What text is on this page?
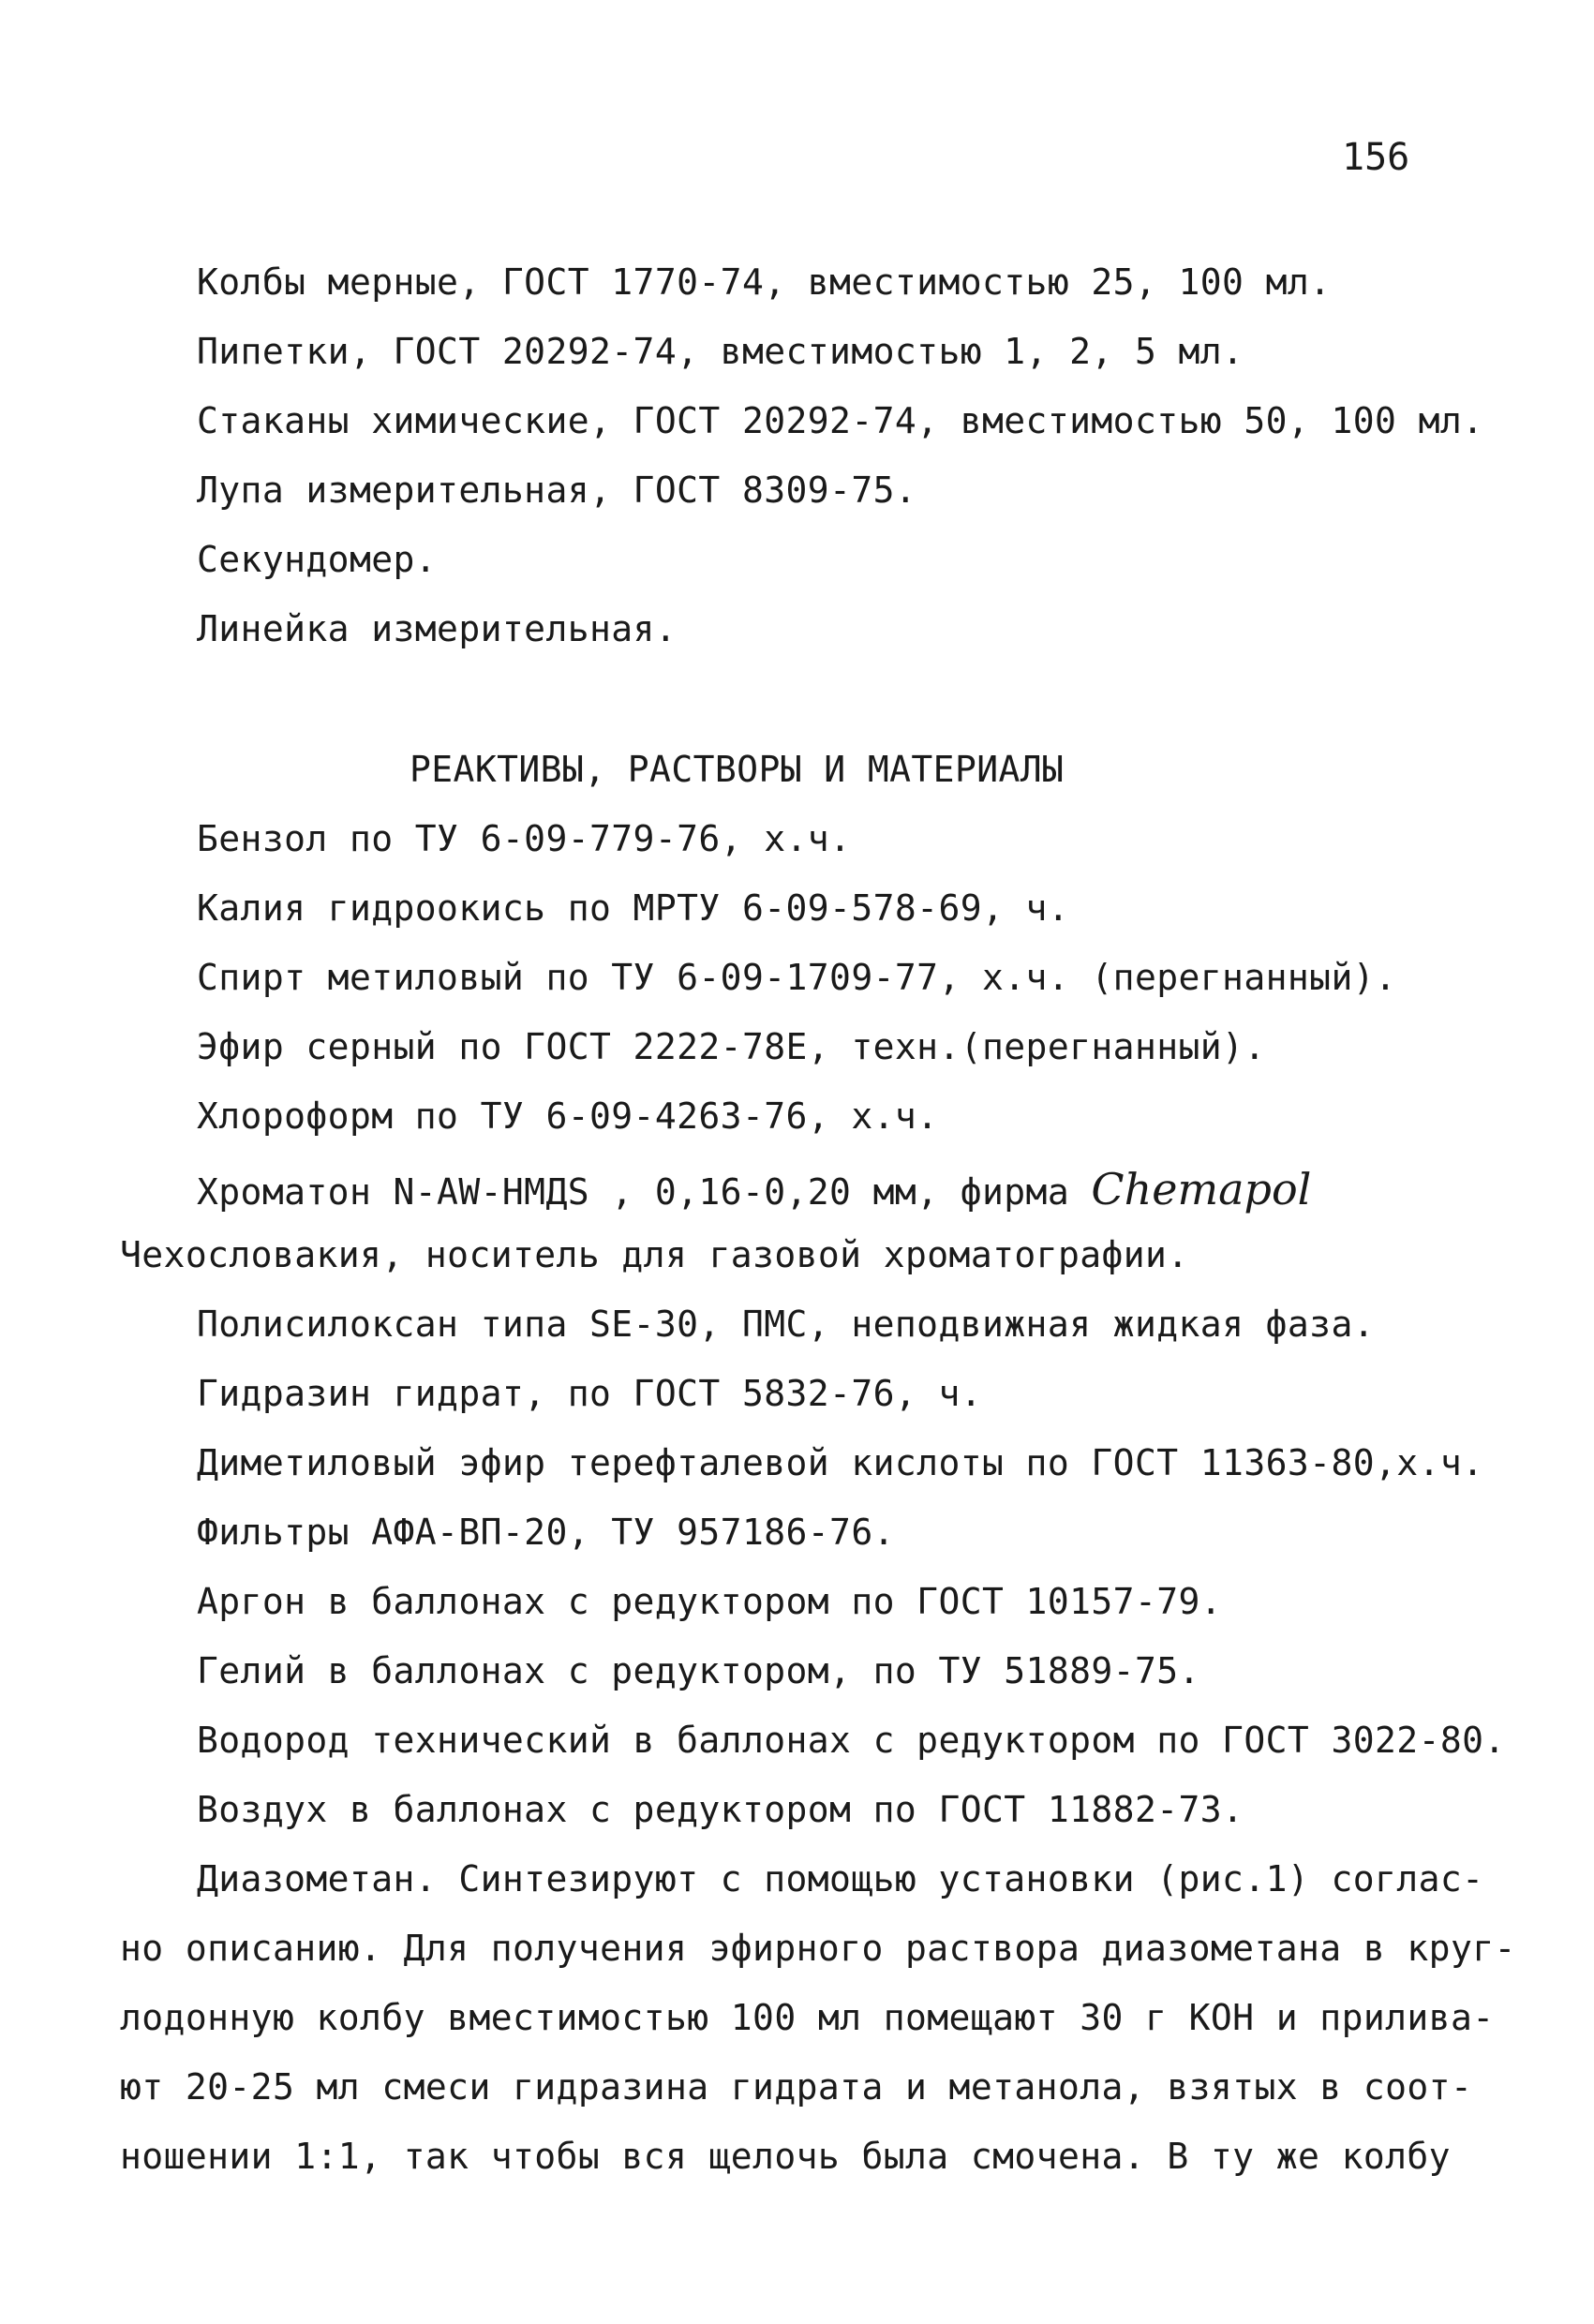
156
Колбы мерные, ГОСТ 1770-74, вместимостью 25, 100 мл.
Пипетки, ГОСТ 20292-74, вместимостью 1, 2, 5 мл.
Стаканы химические, ГОСТ 20292-74, вместимостью 50, 100 мл.
Лупа измерительная, ГОСТ 8309-75.
Секундомер.
Линейка измерительная.
РЕАКТИВЫ, РАСТВОРЫ И МАТЕРИАЛЫ
Бензол по ТУ 6-09-779-76, х.ч.
Калия гидроокись по МРТУ 6-09-578-69, ч.
Спирт метиловый по ТУ 6-09-1709-77, х.ч. (перегнанный).
Эфир серный по ГОСТ 2222-78Е, техн.(перегнанный).
Хлороформ по ТУ 6-09-4263-76, х.ч.
Хроматон N-AW-HMДS , 0,16-0,20 мм, фирма Chemapol
Чехословакия, носитель для газовой хроматографии.
Полисилоксан типа SE-30, ПМС, неподвижная жидкая фаза.
Гидразин гидрат, по ГОСТ 5832-76, ч.
Диметиловый эфир терефталевой кислоты по ГОСТ 11363-80,х.ч.
Фильтры АФА-ВП-20, ТУ 957186-76.
Аргон в баллонах с редуктором по ГОСТ 10157-79.
Гелий в баллонах с редуктором, по ТУ 51889-75.
Водород технический в баллонах с редуктором по ГОСТ 3022-80.
Воздух в баллонах с редуктором по ГОСТ 11882-73.
Диазометан. Синтезируют с помощью установки (рис.1) соглас-
но описанию. Для получения эфирного раствора диазометана в круг-
лодонную колбу вместимостью 100 мл помещают 30 г КОН и прилива-
ют 20-25 мл смеси гидразина гидрата и метанола, взятых в соот-
ношении 1:1, так чтобы вся щелочь была смочена. В ту же колбу
